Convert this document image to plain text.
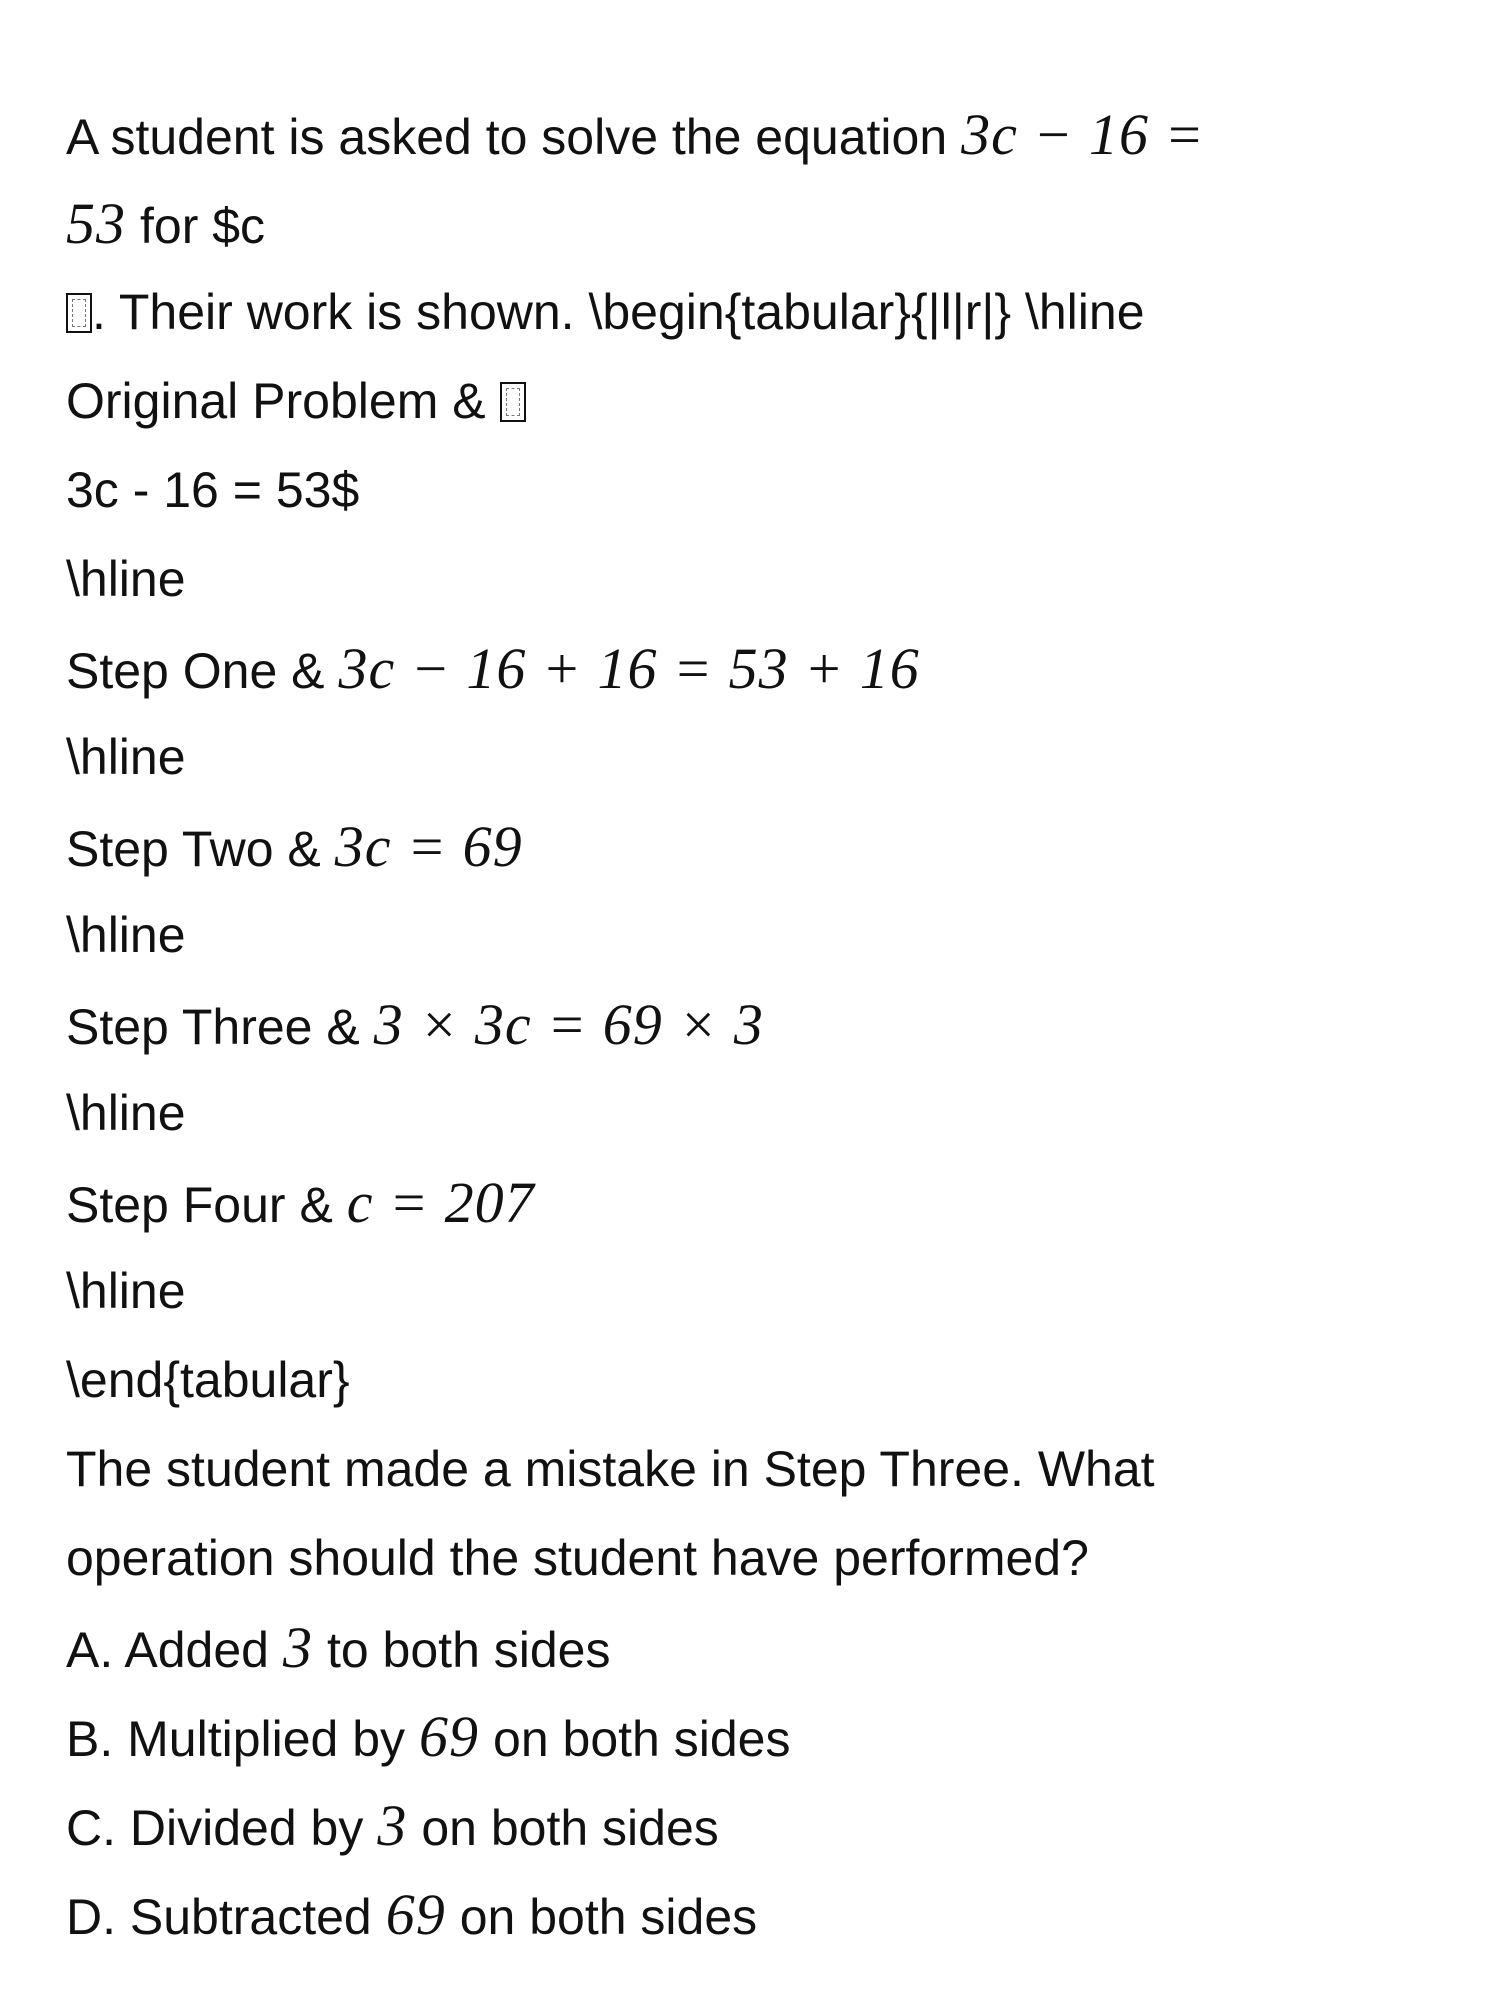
A student is asked to solve the equation 3c − 16 =
53 for $c
. Their work is shown. \begin{tabular}{|l|r|} \hline
Original Problem &
3c - 16 = 53$
\hline
Step One & 3c − 16 + 16 = 53 + 16
\hline
Step Two & 3c = 69
\hline
Step Three & 3 × 3c = 69 × 3
\hline
Step Four & c = 207
\hline
\end{tabular}
The student made a mistake in Step Three. What
operation should the student have performed?
A. Added 3 to both sides
B. Multiplied by 69 on both sides
C. Divided by 3 on both sides
D. Subtracted 69 on both sides
